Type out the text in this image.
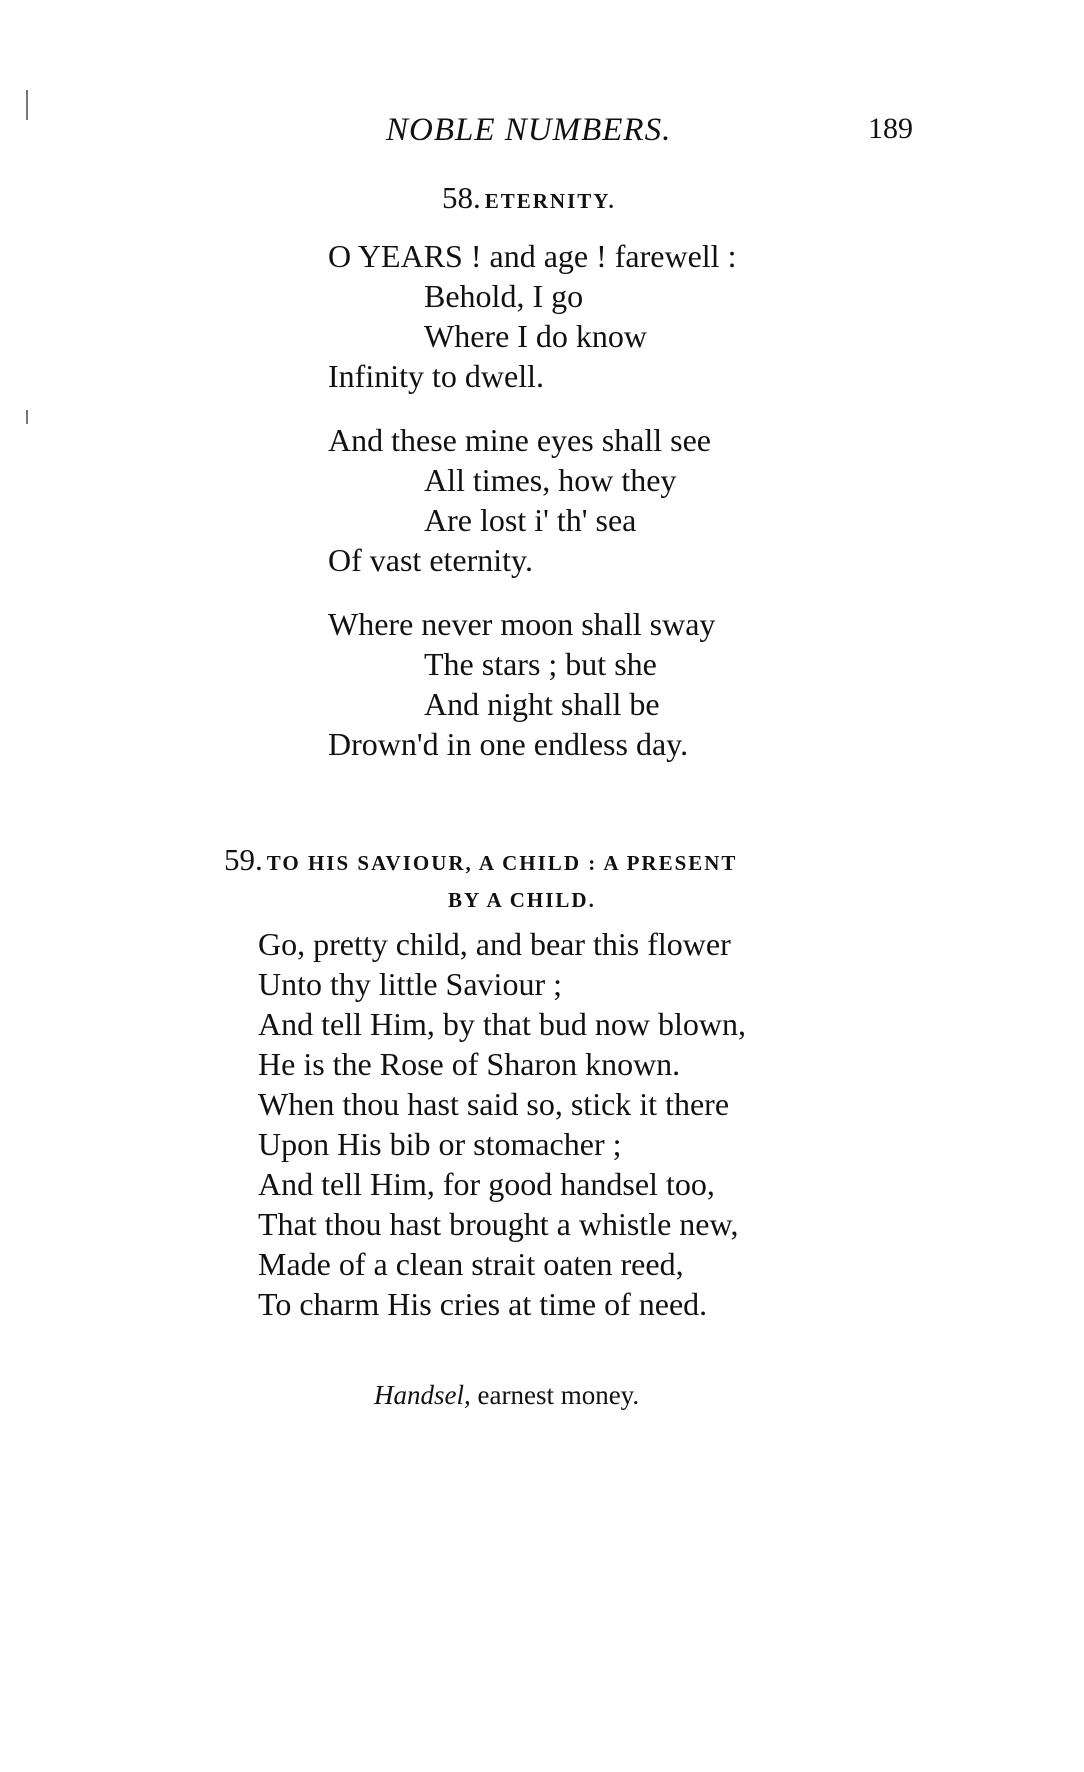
NOBLE NUMBERS.	189
58. ETERNITY.
O YEARS ! and age ! farewell :
Behold, I go
Where I do know
Infinity to dwell.
And these mine eyes shall see
All times, how they
Are lost i' th' sea
Of vast eternity.
Where never moon shall sway
The stars ; but she
And night shall be
Drown'd in one endless day.
59. TO HIS SAVIOUR, A CHILD : A PRESENT
BY A CHILD.
Go, pretty child, and bear this flower
Unto thy little Saviour ;
And tell Him, by that bud now blown,
He is the Rose of Sharon known.
When thou hast said so, stick it there
Upon His bib or stomacher ;
And tell Him, for good handsel too,
That thou hast brought a whistle new,
Made of a clean strait oaten reed,
To charm His cries at time of need.
Handsel, earnest money.
